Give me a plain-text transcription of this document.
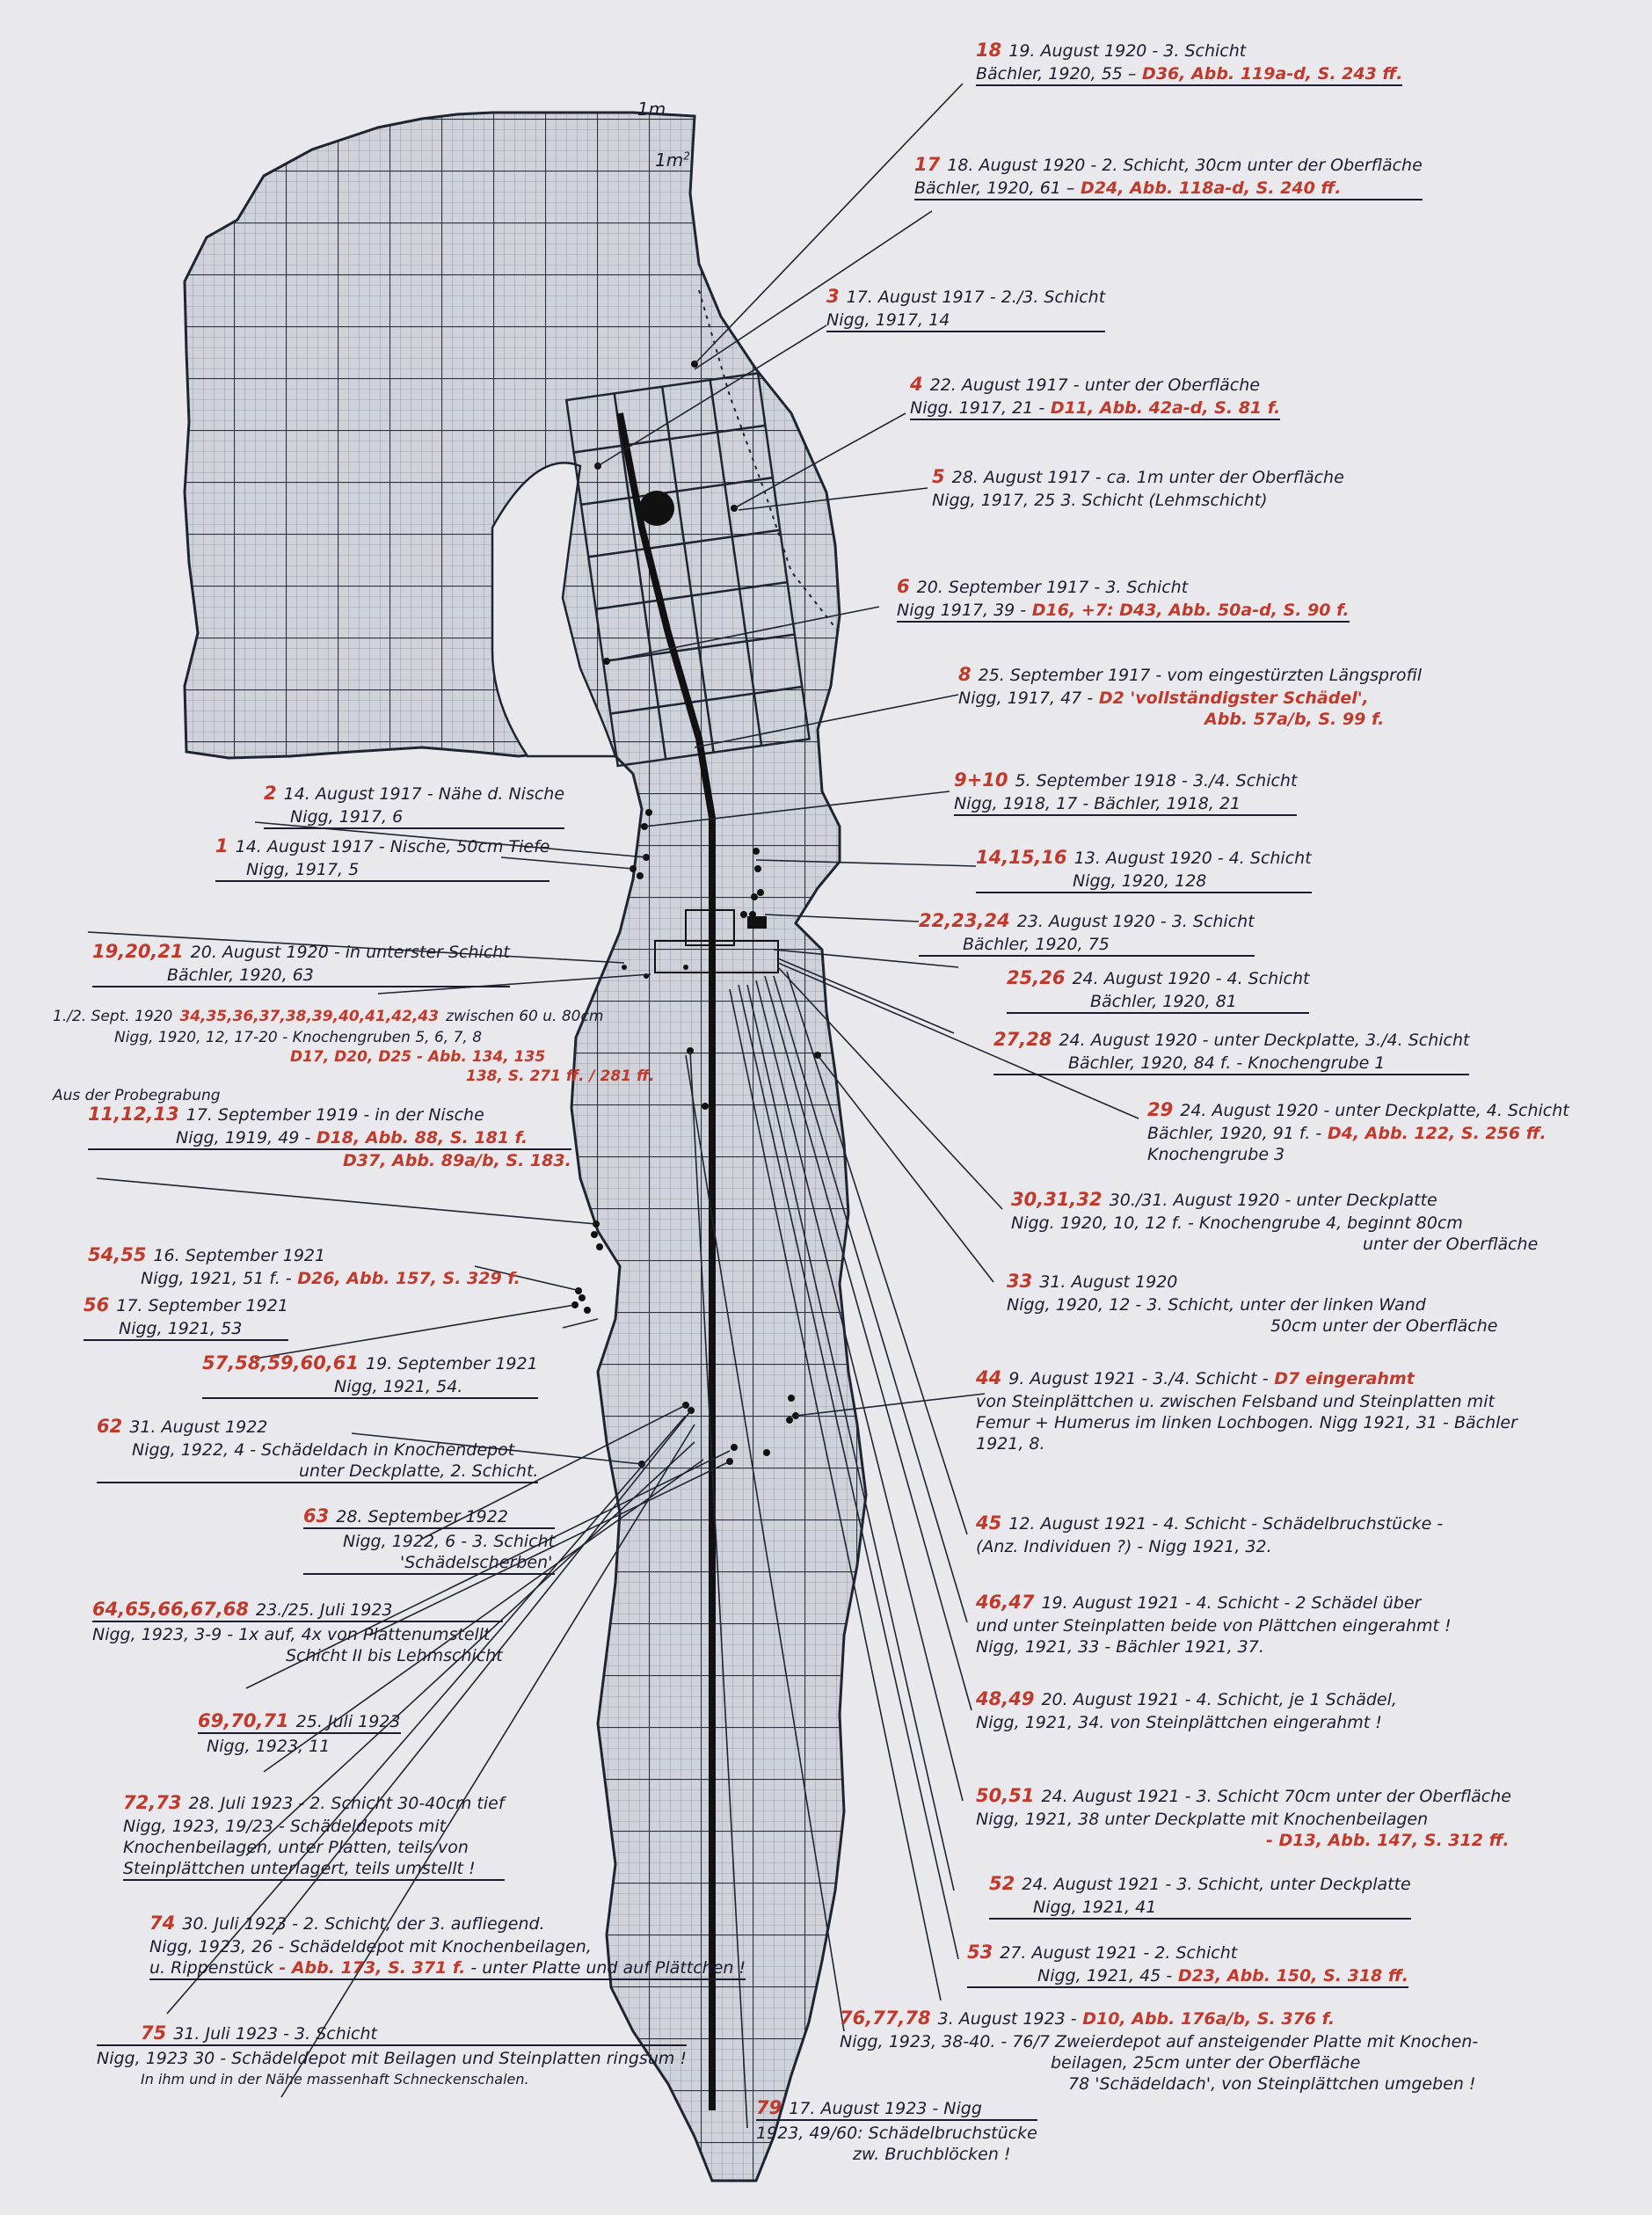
1m
$1m^2$
18 19. August 1920 - 3. Schicht
Bächler, 1920, 55 – D36, Abb. 119a-d, S. 243 ff.
17 18. August 1920 - 2. Schicht, 30cm unter der Oberfläche
Bächler, 1920, 61 – D24, Abb. 118a-d, S. 240 ff.
3 17. August 1917 - 2./3. Schicht
Nigg, 1917, 14
4 22. August 1917 - unter der Oberfläche
Nigg. 1917, 21 - D11, Abb. 42a-d, S. 81 f.
5 28. August 1917 - ca. 1m unter der Oberfläche
Nigg, 1917, 25 3. Schicht (Lehmschicht)
6 20. September 1917 - 3. Schicht
Nigg 1917, 39 - D16, +7: D43, Abb. 50a-d, S. 90 f.
8 25. September 1917 - vom eingestürzten Längsprofil
Nigg, 1917, 47 - D2 'vollständigster Schädel',
Abb. 57a/b, S. 99 f.
9+10 5. September 1918 - 3./4. Schicht
Nigg, 1918, 17 - Bächler, 1918, 21
14,15,16 13. August 1920 - 4. Schicht
Nigg, 1920, 128
22,23,24 23. August 1920 - 3. Schicht
Bächler, 1920, 75
25,26 24. August 1920 - 4. Schicht
Bächler, 1920, 81
27,28 24. August 1920 - unter Deckplatte, 3./4. Schicht
Bächler, 1920, 84 f. - Knochengrube 1
29 24. August 1920 - unter Deckplatte, 4. Schicht
Bächler, 1920, 91 f. - D4, Abb. 122, S. 256 ff.
Knochengrube 3
30,31,32 30./31. August 1920 - unter Deckplatte
Nigg. 1920, 10, 12 f. - Knochengrube 4, beginnt 80cm
unter der Oberfläche
33 31. August 1920
Nigg, 1920, 12 - 3. Schicht, unter der linken Wand
50cm unter der Oberfläche
44 9. August 1921 - 3./4. Schicht - D7 eingerahmt
von Steinplättchen u. zwischen Felsband und Steinplatten mit
Femur + Humerus im linken Lochbogen. Nigg 1921, 31 - Bächler
1921, 8.
45 12. August 1921 - 4. Schicht - Schädelbruchstücke -
(Anz. Individuen ?) - Nigg 1921, 32.
46,47 19. August 1921 - 4. Schicht - 2 Schädel über
und unter Steinplatten beide von Plättchen eingerahmt !
Nigg, 1921, 33 - Bächler 1921, 37.
48,49 20. August 1921 - 4. Schicht, je 1 Schädel,
Nigg, 1921, 34. von Steinplättchen eingerahmt !
50,51 24. August 1921 - 3. Schicht 70cm unter der Oberfläche
Nigg, 1921, 38 unter Deckplatte mit Knochenbeilagen
- D13, Abb. 147, S. 312 ff.
52 24. August 1921 - 3. Schicht, unter Deckplatte
Nigg, 1921, 41
53 27. August 1921 - 2. Schicht
Nigg, 1921, 45 - D23, Abb. 150, S. 318 ff.
76,77,78 3. August 1923 - D10, Abb. 176a/b, S. 376 f.
Nigg, 1923, 38-40. - 76/7 Zweierdepot auf ansteigender Platte mit Knochen-
beilagen, 25cm unter der Oberfläche
78 'Schädeldach', von Steinplättchen umgeben !
79 17. August 1923 - Nigg
1923, 49/60: Schädelbruchstücke
zw. Bruchblöcken !
2 14. August 1917 - Nähe d. Nische
Nigg, 1917, 6
1 14. August 1917 - Nische, 50cm Tiefe
Nigg, 1917, 5
19,20,21 20. August 1920 - in unterster Schicht
Bächler, 1920, 63
1./2. Sept. 1920 34,35,36,37,38,39,40,41,42,43 zwischen 60 u. 80cm
Nigg, 1920, 12, 17-20 - Knochengruben 5, 6, 7, 8
D17, D20, D25 - Abb. 134, 135
138, S. 271 ff. / 281 ff.
Aus der Probegrabung
11,12,13 17. September 1919 - in der Nische
Nigg, 1919, 49 - D18, Abb. 88, S. 181 f.
D37, Abb. 89a/b, S. 183.
54,55 16. September 1921
Nigg, 1921, 51 f. - D26, Abb. 157, S. 329 f.
56 17. September 1921
Nigg, 1921, 53
57,58,59,60,61 19. September 1921
Nigg, 1921, 54.
62 31. August 1922
Nigg, 1922, 4 - Schädeldach in Knochendepot
unter Deckplatte, 2. Schicht.
63 28. September 1922
Nigg, 1922, 6 - 3. Schicht
'Schädelscherben'
64,65,66,67,68 23./25. Juli 1923
Nigg, 1923, 3-9 - 1x auf, 4x von Plattenumstellt
Schicht II bis Lehmschicht
69,70,71 25. Juli 1923
Nigg, 1923, 11
72,73 28. Juli 1923 - 2. Schicht 30-40cm tief
Nigg, 1923, 19/23 - Schädeldepots mit
Knochenbeilagen, unter Platten, teils von
Steinplättchen unterlagert, teils umstellt !
74 30. Juli 1923 - 2. Schicht, der 3. aufliegend.
Nigg, 1923, 26 - Schädeldepot mit Knochenbeilagen,
u. Rippenstück - Abb. 173, S. 371 f. - unter Platte und auf Plättchen !
75 31. Juli 1923 - 3. Schicht
Nigg, 1923 30 - Schädeldepot mit Beilagen und Steinplatten ringsum !
In ihm und in der Nähe massenhaft Schneckenschalen.
